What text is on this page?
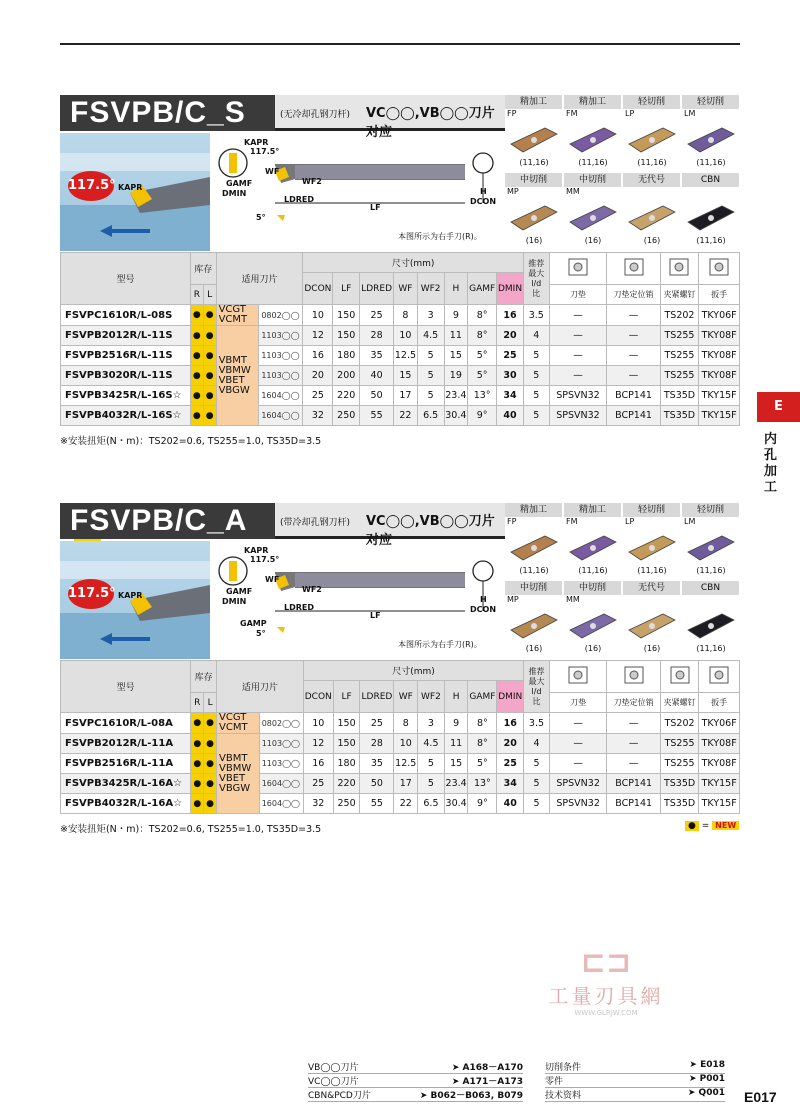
FSVPB/C_S	(无冷却孔钢刀杆) VC◯◯,VB◯◯刀片对应
117.5° KAPR
KAPR
117.5°
GAMF
DMIN
WF
WF2
LDRED
LF
H
DCON
5°
本图所示为右手刀(R)。
精加工
FP
(11,16)
精加工
FM
(11,16)
轻切削
LP
(11,16)
轻切削
LM
(11,16)
中切削
MP
(16)
中切削
MM
(16)
无代号
(16)
CBN
(11,16)
型号	库存		适用刀片		尺寸(mm)								推荐
最大
l/d
比				
					DCON	LF	LDRED	WF	WF2	H	GAMF	DMIN					
	R	L												刀垫	刀垫定位销	夹紧螺钉	扳手
FSVPC1610R/L-08S	●	●	VCGT
VCMT	0802◯◯	10	150	25	8	3	9	8°	16	3.5	—	—	TS202	TKY06F
FSVPB2012R/L-11S	●	●	VBMT
VBMW
VBET
VBGW	1103◯◯	12	150	28	10	4.5	11	8°	20	4	—	—	TS255	TKY08F
FSVPB2516R/L-11S	●	●		1103◯◯	16	180	35	12.5	5	15	5°	25	5	—	—	TS255	TKY08F
FSVPB3020R/L-11S	●	●		1103◯◯	20	200	40	15	5	19	5°	30	5	—	—	TS255	TKY08F
FSVPB3425R/L-16S☆	●	●		1604◯◯	25	220	50	17	5	23.4	13°	34	5	SPSVN32	BCP141	TS35D	TKY15F
FSVPB4032R/L-16S☆	●	●		1604◯◯	32	250	55	22	6.5	30.4	9°	40	5	SPSVN32	BCP141	TS35D	TKY15F
※安装扭矩(N・m)：TS202=0.6, TS255=1.0, TS35D=3.5
FSVPB/C_A	(带冷却孔钢刀杆) VC◯◯,VB◯◯刀片对应
117.5° KAPR
KAPR
117.5°
GAMF
DMIN
WF
WF2
LDRED
LF
H
DCON
GAMP
5°
本图所示为右手刀(R)。
精加工
FP
(11,16)
精加工
FM
(11,16)
轻切削
LP
(11,16)
轻切削
LM
(11,16)
中切削
MP
(16)
中切削
MM
(16)
无代号
(16)
CBN
(11,16)
型号	库存		适用刀片		尺寸(mm)								推荐
最大
l/d
比				
					DCON	LF	LDRED	WF	WF2	H	GAMF	DMIN					
	R	L												刀垫	刀垫定位销	夹紧螺钉	扳手
FSVPC1610R/L-08A	●	●	VCGT
VCMT	0802◯◯	10	150	25	8	3	9	8°	16	3.5	—	—	TS202	TKY06F
FSVPB2012R/L-11A	●	●	VBMT
VBMW
VBET
VBGW	1103◯◯	12	150	28	10	4.5	11	8°	20	4	—	—	TS255	TKY08F
FSVPB2516R/L-11A	●	●		1103◯◯	16	180	35	12.5	5	15	5°	25	5	—	—	TS255	TKY08F
FSVPB3425R/L-16A☆	●	●		1604◯◯	25	220	50	17	5	23.4	13°	34	5	SPSVN32	BCP141	TS35D	TKY15F
FSVPB4032R/L-16A☆	●	●		1604◯◯	32	250	55	22	6.5	30.4	9°	40	5	SPSVN32	BCP141	TS35D	TKY15F
※安装扭矩(N・m)：TS202=0.6, TS255=1.0, TS35D=3.5	● = NEW
E
内孔加工
⊏⊐
工量刃具網
WWW.GLRJW.COM
VB◯◯刀片	➤ A168－A170
VC◯◯刀片	➤ A171－A173
CBN&PCD刀片	➤ B062－B063, B079
切削条件	➤ E018
零件	➤ P001
技术资料	➤ Q001 E017
